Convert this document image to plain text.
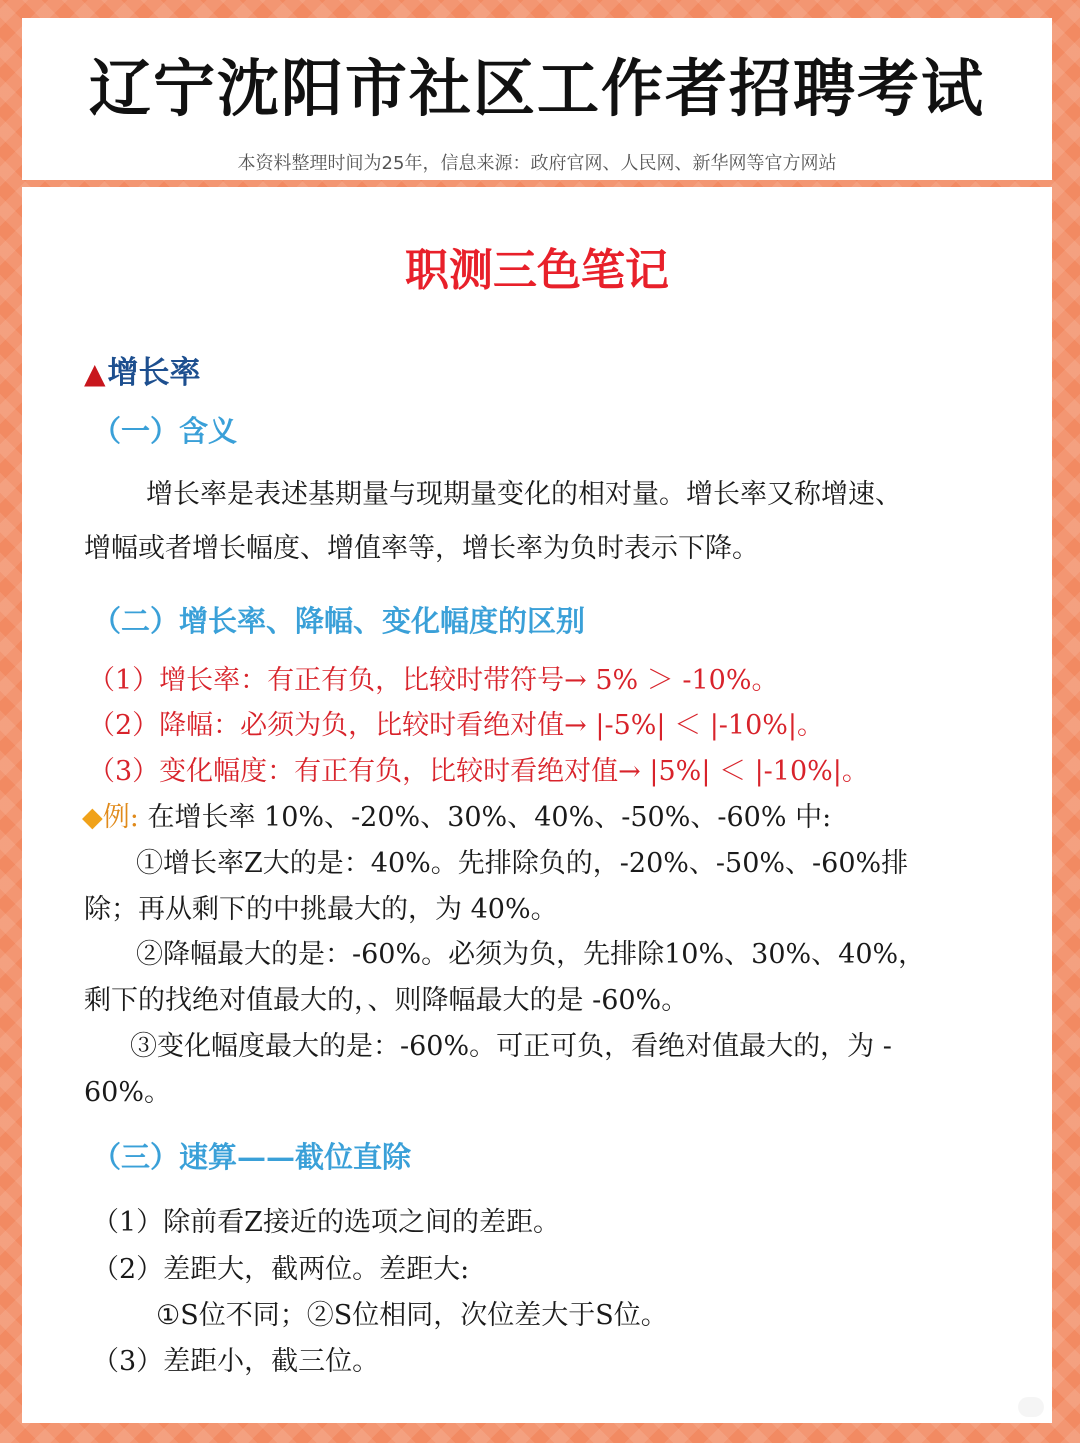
辽宁沈阳市社区工作者招聘考试
本资料整理时间为25年，信息来源：政府官网、人民网、新华网等官方网站
职测三色笔记
▲增长率
（一）含义
增长率是表述基期量与现期量变化的相对量。增长率又称增速、
增幅或者增长幅度、增值率等，增长率为负时表示下降。
（二）增长率、降幅、变化幅度的区别
（1）增长率：有正有负，比较时带符号→ 5% ＞ -10%。
（2）降幅：必须为负，比较时看绝对值→ |-5%| ＜ |-10%|。
（3）变化幅度：有正有负，比较时看绝对值→ |5%| ＜ |-10%|。
◆例: 在增长率 10%、-20%、30%、40%、-50%、-60% 中:
①增长率Z大的是：40%。先排除负的，-20%、-50%、-60%排
除；再从剩下的中挑最大的，为 40%。
②降幅最大的是：-60%。必须为负，先排除10%、30%、40%，
剩下的找绝对值最大的，、则降幅最大的是 -60%。
③变化幅度最大的是：-60%。可正可负，看绝对值最大的，为 -
60%。
（三）速算——截位直除
（1）除前看Z接近的选项之间的差距。
（2）差距大，截两位。差距大:
①S位不同；②S位相同，次位差大于S位。
（3）差距小，截三位。
